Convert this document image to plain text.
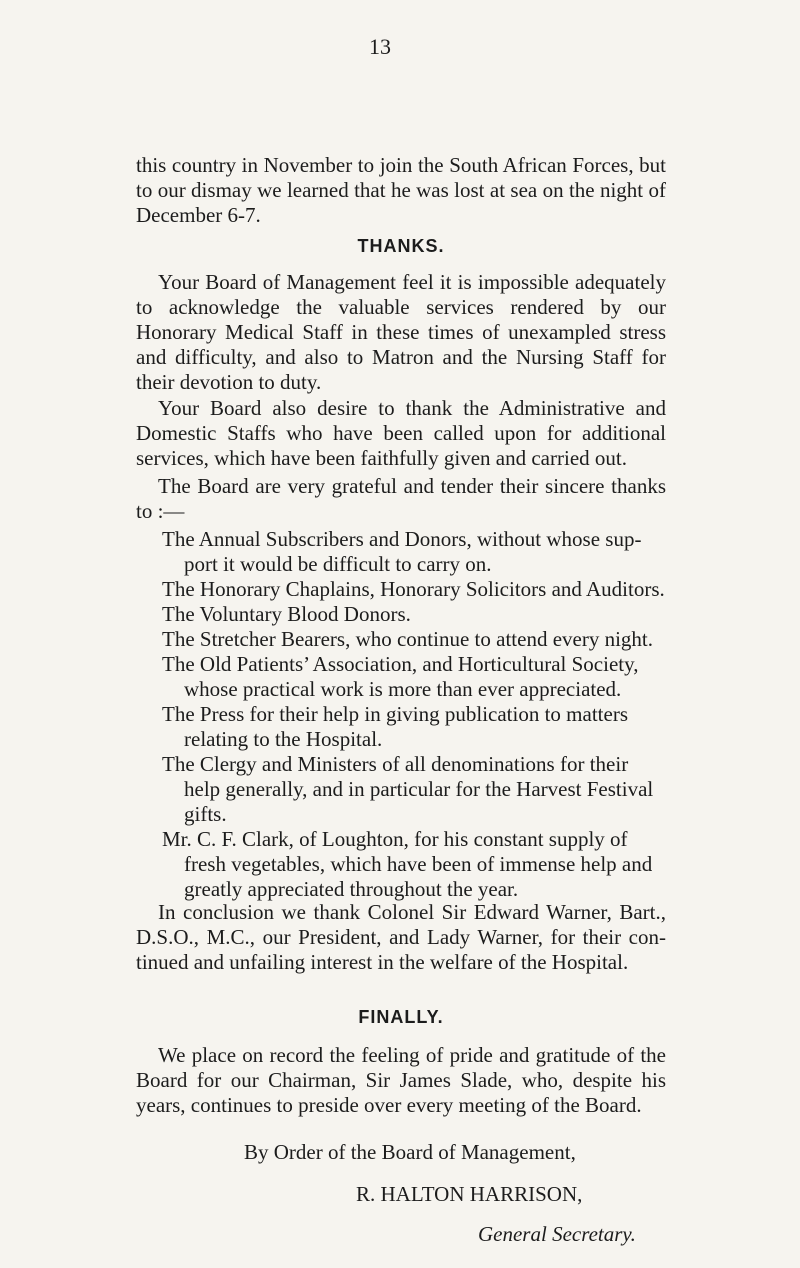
13

this country in November to join the South African Forces, but to our dismay we learned that he was lost at sea on the night of December 6-7.

THANKS.

Your Board of Management feel it is impossible adequately to acknowledge the valuable services rendered by our Honorary Medical Staff in these times of unexampled stress and difficulty, and also to Matron and the Nursing Staff for their devotion to duty.

Your Board also desire to thank the Administrative and Domestic Staffs who have been called upon for additional services, which have been faithfully given and carried out.

The Board are very grateful and tender their sincere thanks to :—

The Annual Subscribers and Donors, without whose sup- port it would be difficult to carry on.
The Honorary Chaplains, Honorary Solicitors and Auditors.
The Voluntary Blood Donors.
The Stretcher Bearers, who continue to attend every night.
The Old Patients’ Association, and Horticultural Society, whose practical work is more than ever appreciated.
The Press for their help in giving publication to matters relating to the Hospital.
The Clergy and Ministers of all denominations for their help generally, and in particular for the Harvest Festival gifts.
Mr. C. F. Clark, of Loughton, for his constant supply of fresh vegetables, which have been of immense help and greatly appreciated throughout the year.

In conclusion we thank Colonel Sir Edward Warner, Bart., D.S.O., M.C., our President, and Lady Warner, for their con- tinued and unfailing interest in the welfare of the Hospital.

FINALLY.

We place on record the feeling of pride and gratitude of the Board for our Chairman, Sir James Slade, who, despite his years, continues to preside over every meeting of the Board.

By Order of the Board of Management,

R. HALTON HARRISON,

General Secretary.
